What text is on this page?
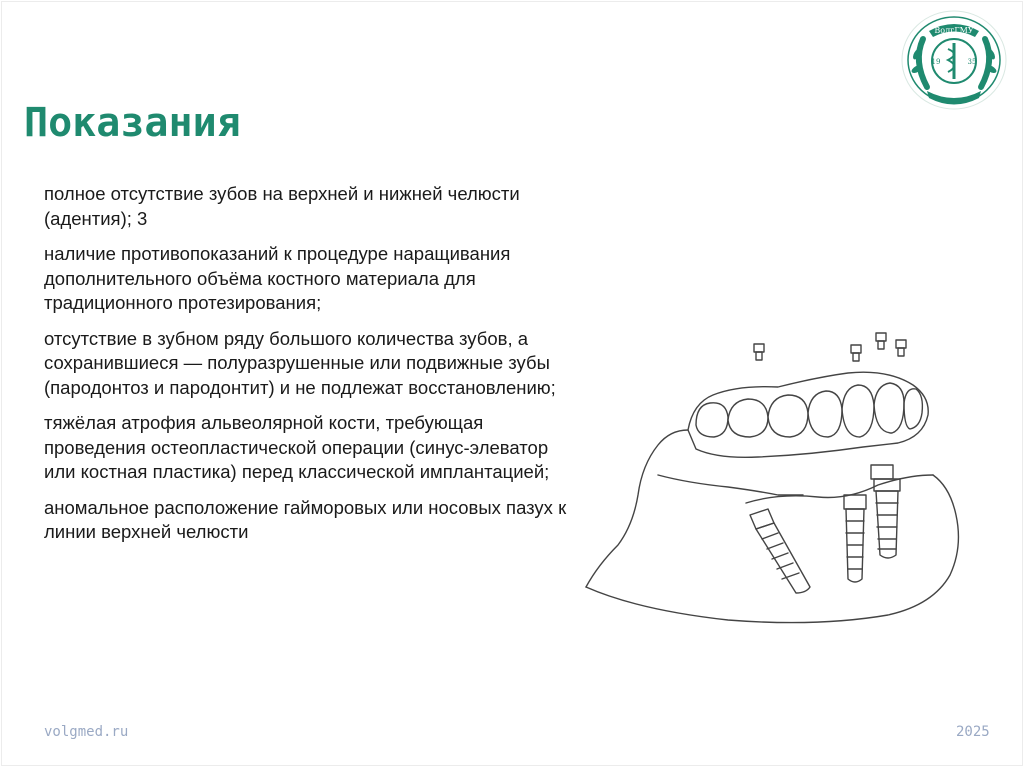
ВолгГМУ
19	35
Показания

полное отсутствие зубов на верхней и нижней челюсти (адентия); 3

наличие противопоказаний к процедуре наращивания дополнительного объёма костного материала для традиционного протезирования;

отсутствие в зубном ряду большого количества зубов, а сохранившиеся — полуразрушенные или подвижные зубы (пародонтоз и пародонтит) и не подлежат восстановлению;

тяжёлая атрофия альвеолярной кости, требующая проведения остеопластической операции (синус-элеватор или костная пластика) перед классической имплантацией;

аномальное расположение гайморовых или носовых пазух к линии верхней челюсти

volgmed.ru	2025
